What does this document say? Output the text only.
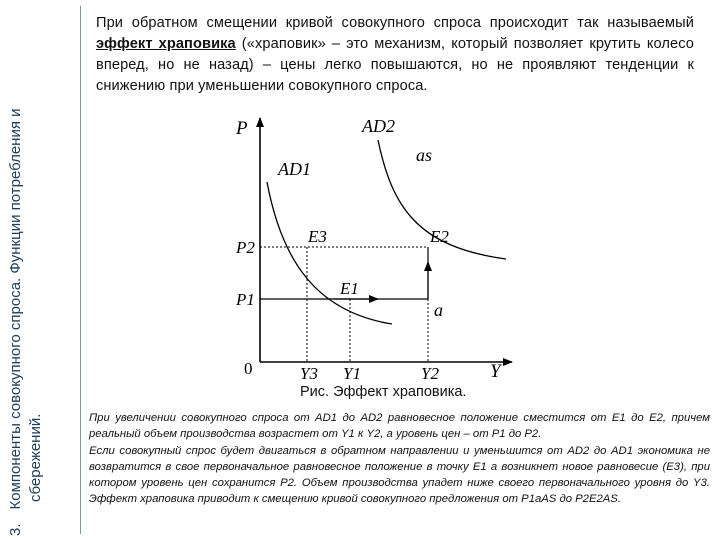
3.Компоненты совокупного спроса. Функции потребления и сбережений.
При обратном смещении кривой совокупного спроса происходит так называемый эффект храповика («храповик» – это механизм, который позволяет крутить колесо вперед, но не назад) – цены легко повышаются, но не проявляют тенденции к снижению при уменьшении совокупного спроса.
P
Y
0
AD2
AD1
as
E3	E2
E1
a
P2
P1
Y3 Y1	Y2
Рис. Эффект храповика.

При увеличении совокупного спроса от AD1 до AD2 равновесное положение сместится от E1 до E2, причем реальный объем производства возрастет от Y1 к Y2, а уровень цен – от P1 до P2.

Если совокупный спрос будет двигаться в обратном направлении и уменьшится от AD2 до AD1 экономика не возвратится в свое первоначальное равновесное положение в точку E1 а возникнет новое равновесие (E3), при котором уровень цен сохранится P2. Объем производства упадет ниже своего первоначального уровня до Y3. Эффект храповика приводит к смещению кривой совокупного предложения от P1aAS до P2E2AS.
